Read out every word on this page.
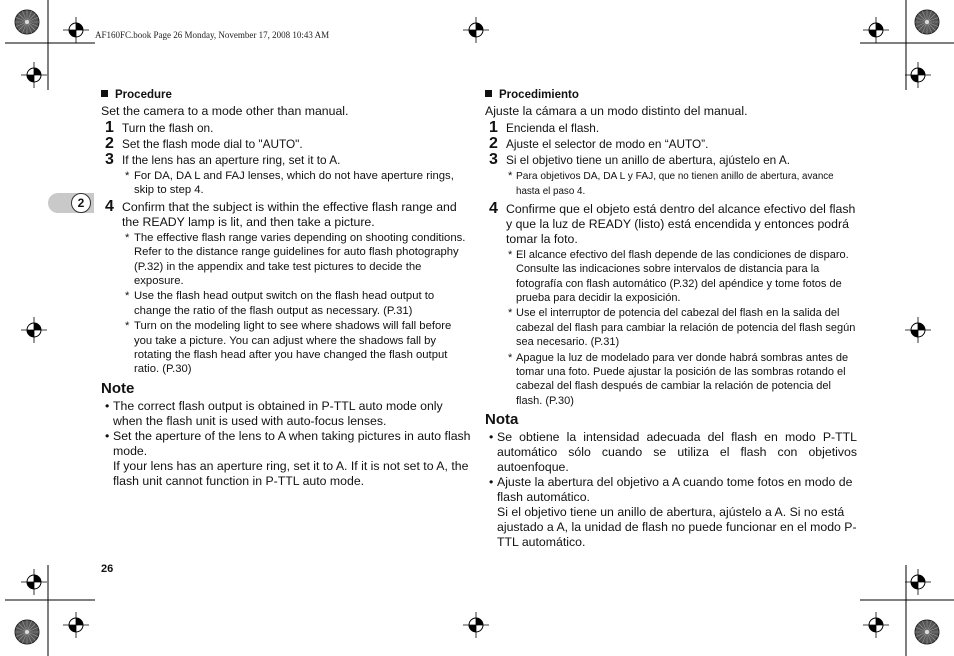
AF160FC.book Page 26 Monday, November 17, 2008 10:43 AM
2
Procedure
Set the camera to a mode other than manual.
1 Turn the flash on.
2 Set the flash mode dial to "AUTO".
3 If the lens has an aperture ring, set it to A.
* For DA, DA L and FAJ lenses, which do not have aperture rings, skip to step 4.
4 Confirm that the subject is within the effective flash range and the READY lamp is lit, and then take a picture.
* The effective flash range varies depending on shooting conditions. Refer to the distance range guidelines for auto flash photography (P.32) in the appendix and take test pictures to decide the exposure.
* Use the flash head output switch on the flash head output to change the ratio of the flash output as necessary. (P.31)
* Turn on the modeling light to see where shadows will fall before you take a picture. You can adjust where the shadows fall by rotating the flash head after you have changed the flash output ratio. (P.30)
Note
• The correct flash output is obtained in P-TTL auto mode only when the flash unit is used with auto-focus lenses.
• Set the aperture of the lens to A when taking pictures in auto flash mode.
If your lens has an aperture ring, set it to A. If it is not set to A, the flash unit cannot function in P-TTL auto mode.
Procedimiento
Ajuste la cámara a un modo distinto del manual.
1 Encienda el flash.
2 Ajuste el selector de modo en “AUTO”.
3 Si el objetivo tiene un anillo de abertura, ajústelo en A.
* Para objetivos DA, DA L y FAJ, que no tienen anillo de abertura, avance hasta el paso 4.
4 Confirme que el objeto está dentro del alcance efectivo del flash y que la luz de READY (listo) está encendida y entonces podrá tomar la foto.
* El alcance efectivo del flash depende de las condiciones de disparo. Consulte las indicaciones sobre intervalos de distancia para la fotografía con flash automático (P.32) del apéndice y tome fotos de prueba para decidir la exposición.
* Use el interruptor de potencia del cabezal del flash en la salida del cabezal del flash para cambiar la relación de potencia del flash según sea necesario. (P.31)
* Apague la luz de modelado para ver donde habrá sombras antes de tomar una foto. Puede ajustar la posición de las sombras rotando el cabezal del flash después de cambiar la relación de potencia del flash. (P.30)
Nota
• Se obtiene la intensidad adecuada del flash en modo P-TTL automático sólo cuando se utiliza el flash con objetivos autoenfoque.
• Ajuste la abertura del objetivo a A cuando tome fotos en modo de flash automático.
Si el objetivo tiene un anillo de abertura, ajústelo a A. Si no está ajustado a A, la unidad de flash no puede funcionar en el modo P-TTL automático.
26
